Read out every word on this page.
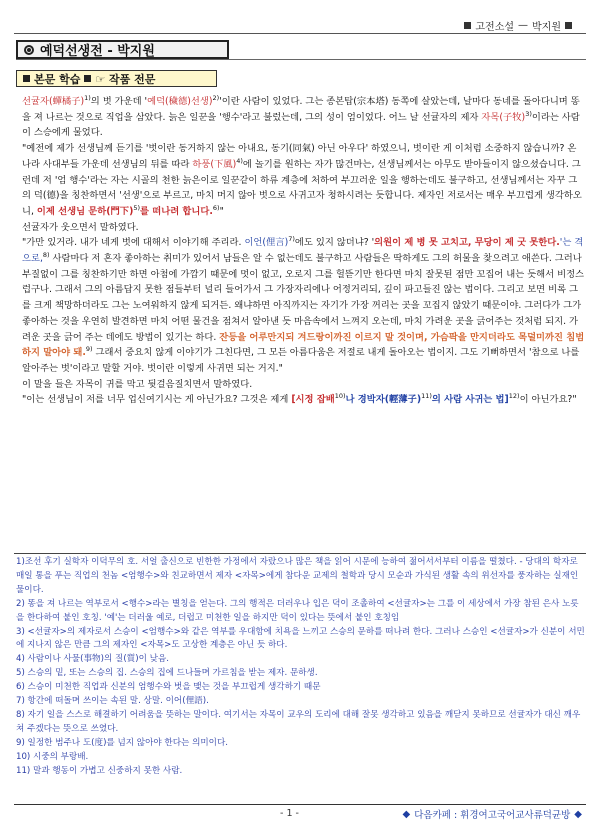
고전소설 — 박지원
예덕선생전 - 박지원
본문 학습 ☞ 작품 전문

선귤자(蟬橘子)$^{1)}$의 벗 가운데 '예덕(穢德)선생)$^{2)}$'이란 사람이 있었다. 그는 종본탑(宗本塔) 동쪽에 살았는데, 날마다 동네를 돌아다니며 똥을 져 나르는 것으로 직업을 삼았다. 늙은 일꾼을 '행수'라고 불렀는데, 그의 성이 엄이었다. 어느 날 선귤자의 제자 자목(子牧)$^{3)}$이라는 사람이 스승에게 물었다.

"예전에 제가 선생님께 듣기를 '벗이란 동거하지 않는 아내요, 동기(同氣) 아닌 아우다' 하였으니, 벗이란 게 이처럼 소중하지 않습니까? 온 나라 사대부들 가운데 선생님의 뒤를 따라 하풍(下風)$^{4)}$에 놀기를 원하는 자가 많건마는, 선생님께서는 아무도 받아들이지 않으셨습니다. 그런데 저 '엄 행수'라는 자는 시골의 천한 늙은이로 일꾼같이 하류 계층에 처하여 부끄러운 일을 행하는데도 불구하고, 선생님께서는 자꾸 그의 덕(德)을 칭찬하면서 '선생'으로 부르고, 마치 머지 않아 벗으로 사귀고자 청하시려는 듯합니다. 제자인 저로서는 매우 부끄럽게 생각하오니, 이제 선생님 문하(門下)$^{5)}$를 떠나려 합니다.$^{6)}$"

선귤자가 웃으면서 말하였다.

"가만 있거라. 내가 네게 벗에 대해서 이야기해 주리라. 이언(俚言)$^{7)}$에도 있지 않더냐? '의원이 제 병 못 고치고, 무당이 제 굿 못한다.'는 격으로,$^{8)}$ 사람마다 저 혼자 좋아하는 취미가 있어서 남들은 알 수 없는데도 불구하고 사람들은 딱하게도 그의 허물을 찾으려고 애쓴다. 그러나 부질없이 그를 칭찬하기만 하면 아첨에 가깝기 때문에 멋이 없고, 오로지 그를 헐뜯기만 한다면 마치 잘못된 점만 꼬집어 내는 듯해서 비정스럽구나. 그래서 그의 아름답지 못한 점들부터 널리 들어가서 그 가장자리에나 어정거리되, 깊이 파고들진 않는 법이다. 그리고 보면 비록 그를 크게 책망하더라도 그는 노여워하지 않게 되거든. 왜냐하면 아직까지는 자기가 가장 꺼리는 곳을 꼬집지 않았기 때문이야. 그러다가 그가 좋아하는 것을 우연히 발견하면 마치 어떤 물건을 점쳐서 알아낸 듯 마음속에서 느껴지 오는데, 마치 가려운 곳을 긁어주는 것처럼 되지. 가려운 곳을 긁어 주는 데에도 방법이 있기는 하다. 잔등을 어루만지되 겨드랑이까진 이르지 말 것이며, 가슴팍을 만지더라도 목덜미까진 침범하지 말아야 돼.$^{9)}$ 그래서 중요치 않게 이야기가 그친다면, 그 모든 아름다움은 저절로 내게 돌아오는 법이지. 그도 기뻐하면서 '참으로 나를 알아주는 벗'이라고 말할 거야. 벗이란 이렇게 사귀면 되는 거지."

이 말을 들은 자목이 귀를 막고 뒷걸음질치면서 말하였다.

"이는 선생님이 저를 너무 업신여기시는 게 아닌가요? 그것은 제게 [시정 잡배$^{10)}$나 경박자(輕薄子)$^{11)}$의 사람 사귀는 법]$^{12)}$이 아닌가요?"

1)조선 후기 실학자 이덕무의 호. 서얼 출신으로 빈한한 가정에서 자랐으나 많은 책을 읽어 시문에 능하여 젊어서서부터 이름을 떨쳤다. - 당대의 학자로 매일 통을 푸는 직업의 천놈 <엄행수>와 친교하면서 제자 <자목>에게 참다운 교제의 철학과 당시 모순과 가식된 생활 속의 위선자를 풍자하는 실재인물이다.
2) 똥을 져 나르는 역부로서 <행수>라는 별칭을 얻는다. 그의 행적은 더러우나 입은 덕이 조촐하여 <선귤자>는 그를 이 세상에서 가장 참된 은사 노릇을 한다하여 붙인 호칭. '예'는 더러울 예로, 더럽고 미천한 일을 하지만 덕이 있다는 뜻에서 붙인 호칭임
3) <선귤자>의 제자로서 스승이 <엄행수>와 같은 역부를 우대함에 치욕을 느끼고 스승의 문하를 떠나려 한다. 그러나 스승인 <선귤자>가 신분이 서민에 지나지 않은 만큼 그의 제자인 <자목>도 고상한 계층은 아닌 듯 하다.
4) 사람이나 사물(事物)의 질(質)이 낮음.
5) 스승의 밑, 또는 스승의 집. 스승의 집에 드나들며 가르침을 받는 제자. 문하생.
6) 스승이 미천한 직업과 신분의 엄행수와 벗을 맺는 것을 부끄럽게 생각하기 때문
7) 항간에 떠돌며 쓰이는 속된 말. 상말. 이어(俚語).
8) 자기 일을 스스로 해결하기 어려움을 뜻하는 말이다. 여기서는 자목이 교우의 도리에 대해 잘못 생각하고 있음을 깨닫지 못하므로 선귤자가 대신 깨우쳐 주겠다는 뜻으로 쓰였다.
9) 일정한 범주나 도(度)를 넘지 않아야 한다는 의미이다.
10) 시중의 부랑배.
11) 말과 행동이 가볍고 신중하지 못한 사람.
- 1 -	◆ 다음카페 : 휘경여고국어교사류덕균방 ◆
